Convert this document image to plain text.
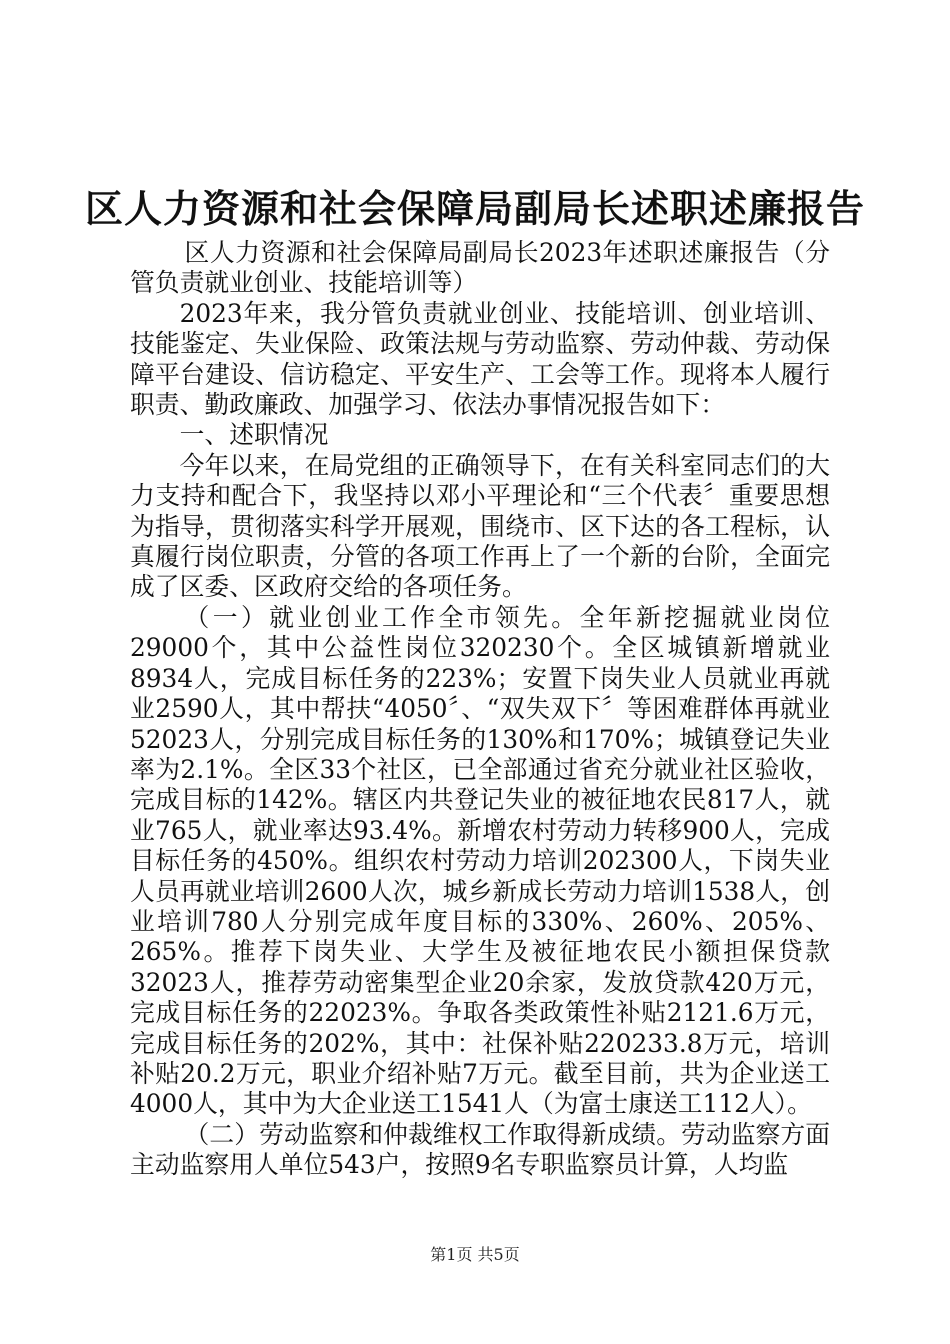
区人力资源和社会保障局副局长述职述廉报告

区人力资源和社会保障局副局长2023年述职述廉报告（分管负责就业创业、技能培训等）

2023年来，我分管负责就业创业、技能培训、创业培训、技能鉴定、失业保险、政策法规与劳动监察、劳动仲裁、劳动保障平台建设、信访稳定、平安生产、工会等工作。现将本人履行职责、勤政廉政、加强学习、依法办事情况报告如下：

一、述职情况

今年以来，在局党组的正确领导下，在有关科室同志们的大力支持和配合下，我坚持以邓小平理论和“三个代表〞重要思想为指导，贯彻落实科学开展观，围绕市、区下达的各工程标，认真履行岗位职责，分管的各项工作再上了一个新的台阶，全面完成了区委、区政府交给的各项任务。

（一）就业创业工作全市领先。全年新挖掘就业岗位29000个，其中公益性岗位320230个。全区城镇新增就业8934人，完成目标任务的223%；安置下岗失业人员就业再就业2590人，其中帮扶“4050〞、“双失双下〞等困难群体再就业52023人，分别完成目标任务的130%和170%；城镇登记失业率为2.1%。全区33个社区，已全部通过省充分就业社区验收，完成目标的142%。辖区内共登记失业的被征地农民817人，就业765人，就业率达93.4%。新增农村劳动力转移900人，完成目标任务的450%。组织农村劳动力培训202300人，下岗失业人员再就业培训2600人次，城乡新成长劳动力培训1538人，创业培训780人分别完成年度目标的330%、260%、205%、265%。推荐下岗失业、大学生及被征地农民小额担保贷款32023人，推荐劳动密集型企业20余家，发放贷款420万元，完成目标任务的22023%。争取各类政策性补贴2121.6万元，完成目标任务的202%，其中：社保补贴220233.8万元，培训补贴20.2万元，职业介绍补贴7万元。截至目前，共为企业送工4000人，其中为大企业送工1541人（为富士康送工112人）。

（二）劳动监察和仲裁维权工作取得新成绩。劳动监察方面主动监察用人单位543户，按照9名专职监察员计算，人均监

第1页 共5页
